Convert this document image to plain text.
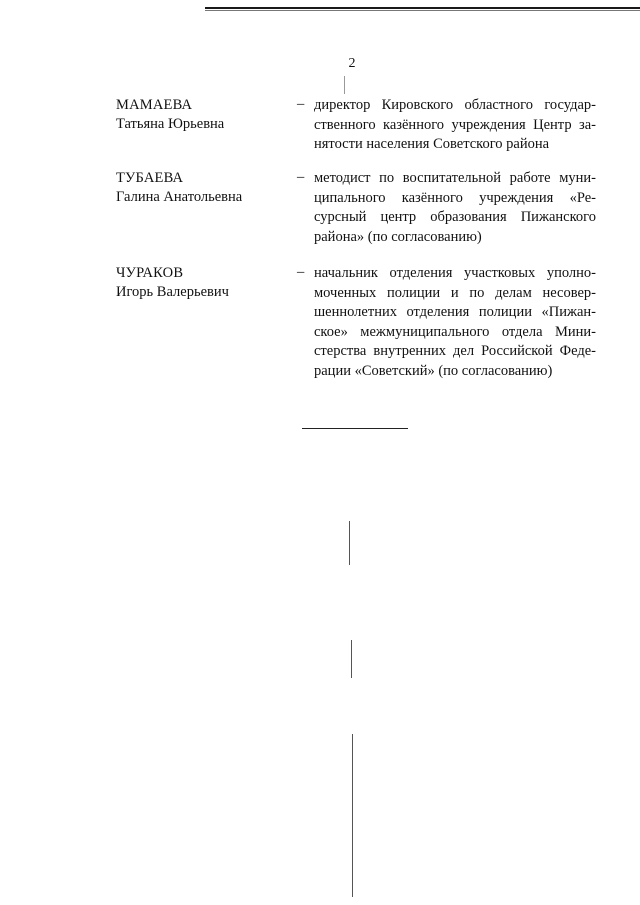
2
МАМАЕВА
Татьяна Юрьевна
– директор Кировского областного государ-
ственного казённого учреждения Центр за-
нятости населения Советского района
ТУБАЕВА
Галина Анатольевна
– методист по воспитательной работе муни-
ципального казённого учреждения «Ре-
сурсный центр образования Пижанского
района» (по согласованию)
ЧУРАКОВ
Игорь Валерьевич
– начальник отделения участковых уполно-
моченных полиции и по делам несовер-
шеннолетних отделения полиции «Пижан-
ское» межмуниципального отдела Мини-
стерства внутренних дел Российской Феде-
рации «Советский» (по согласованию)
